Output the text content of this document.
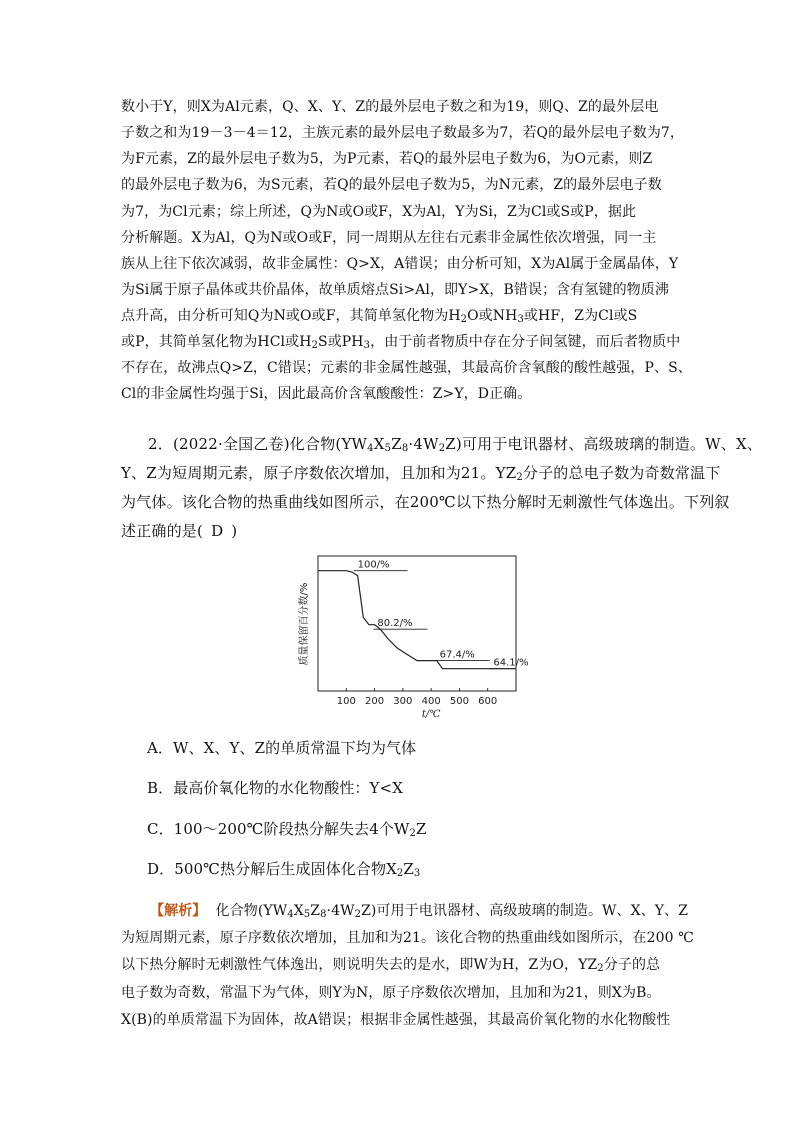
数小于Y，则X为Al元素，Q、X、Y、Z的最外层电子数之和为19，则Q、Z的最外层电
子数之和为19－3－4＝12，主族元素的最外层电子数最多为7，若Q的最外层电子数为7，
为F元素，Z的最外层电子数为5，为P元素，若Q的最外层电子数为6，为O元素，则Z
的最外层电子数为6，为S元素，若Q的最外层电子数为5，为N元素，Z的最外层电子数
为7，为Cl元素；综上所述，Q为N或O或F，X为Al，Y为Si，Z为Cl或S或P，据此
分析解题。X为Al，Q为N或O或F，同一周期从左往右元素非金属性依次增强，同一主
族从上往下依次减弱，故非金属性：Q>X，A错误；由分析可知，X为Al属于金属晶体，Y
为Si属于原子晶体或共价晶体，故单质熔点Si>Al，即Y>X，B错误；含有氢键的物质沸
点升高，由分析可知Q为N或O或F，其简单氢化物为$H_2O$或$NH_3$或HF，Z为Cl或S
或P，其简单氢化物为HCl或$H_2S$或$PH_3$，由于前者物质中存在分子间氢键，而后者物质中
不存在，故沸点Q>Z，C错误；元素的非金属性越强，其最高价含氧酸的酸性越强，P、S、
Cl的非金属性均强于Si，因此最高价含氧酸酸性：Z>Y，D正确。
2．(2022·全国乙卷)化合物$(YW_4X_5Z_8\cdot 4W_2Z)$可用于电讯器材、高级玻璃的制造。W、X、
Y、Z为短周期元素，原子序数依次增加，且加和为21。$YZ_2$分子的总电子数为奇数常温下
为气体。该化合物的热重曲线如图所示，在200℃以下热分解时无刺激性气体逸出。下列叙
述正确的是( D )
质量保留百分数/%
100/%
80.2/%
67.4/%
64.1/%
100 200 300 400 500 600
t/℃
A．W、X、Y、Z的单质常温下均为气体
B．最高价氧化物的水化物酸性：Y<X
C．100～200℃阶段热分解失去4个$W_2Z$
D．500℃热分解后生成固体化合物$X_2Z_3$
【解析】 化合物$(YW_4X_5Z_8\cdot 4W_2Z)$可用于电讯器材、高级玻璃的制造。W、X、Y、Z
为短周期元素，原子序数依次增加，且加和为21。该化合物的热重曲线如图所示，在200 ℃
以下热分解时无刺激性气体逸出，则说明失去的是水，即W为H，Z为O，$YZ_2$分子的总
电子数为奇数，常温下为气体，则Y为N，原子序数依次增加，且加和为21，则X为B。
X(B)的单质常温下为固体，故A错误；根据非金属性越强，其最高价氧化物的水化物酸性
